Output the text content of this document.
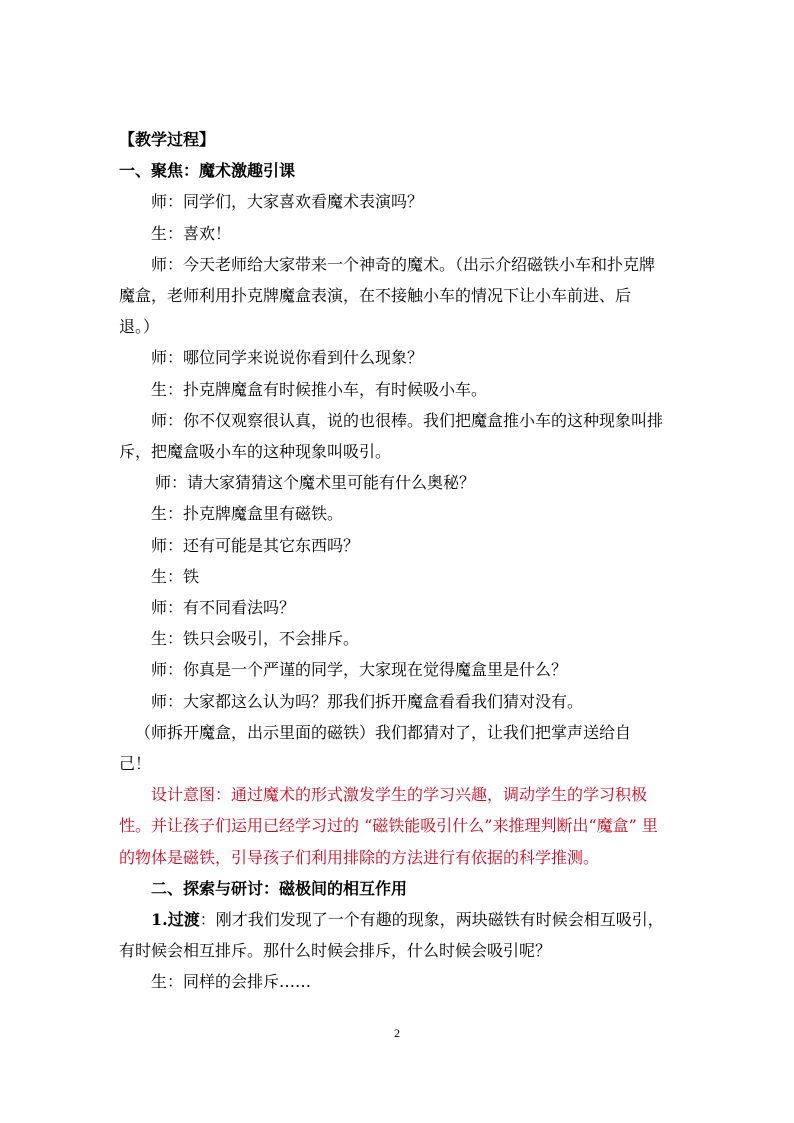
【教学过程】

一、聚焦：魔术激趣引课

师：同学们，大家喜欢看魔术表演吗？

生：喜欢！

师：今天老师给大家带来一个神奇的魔术。（出示介绍磁铁小车和扑克牌

魔盒，老师利用扑克牌魔盒表演，在不接触小车的情况下让小车前进、后

退。）

师：哪位同学来说说你看到什么现象？

生：扑克牌魔盒有时候推小车，有时候吸小车。

师：你不仅观察很认真，说的也很棒。我们把魔盒推小车的这种现象叫排

斥，把魔盒吸小车的这种现象叫吸引。

师：请大家猜猜这个魔术里可能有什么奥秘？

生：扑克牌魔盒里有磁铁。

师：还有可能是其它东西吗？

生：铁

师：有不同看法吗？

生：铁只会吸引，不会排斥。

师：你真是一个严谨的同学，大家现在觉得魔盒里是什么？

师：大家都这么认为吗？那我们拆开魔盒看看我们猜对没有。

（师拆开魔盒，出示里面的磁铁）我们都猜对了，让我们把掌声送给自

己！

设计意图：通过魔术的形式激发学生的学习兴趣，调动学生的学习积极

性。并让孩子们运用已经学习过的 “磁铁能吸引什么”来推理判断出“魔盒” 里

的物体是磁铁，引导孩子们利用排除的方法进行有依据的科学推测。

二、探索与研讨：磁极间的相互作用

1.过渡：刚才我们发现了一个有趣的现象，两块磁铁有时候会相互吸引，

有时候会相互排斥。那什么时候会排斥，什么时候会吸引呢？

生：同样的会排斥……

2
